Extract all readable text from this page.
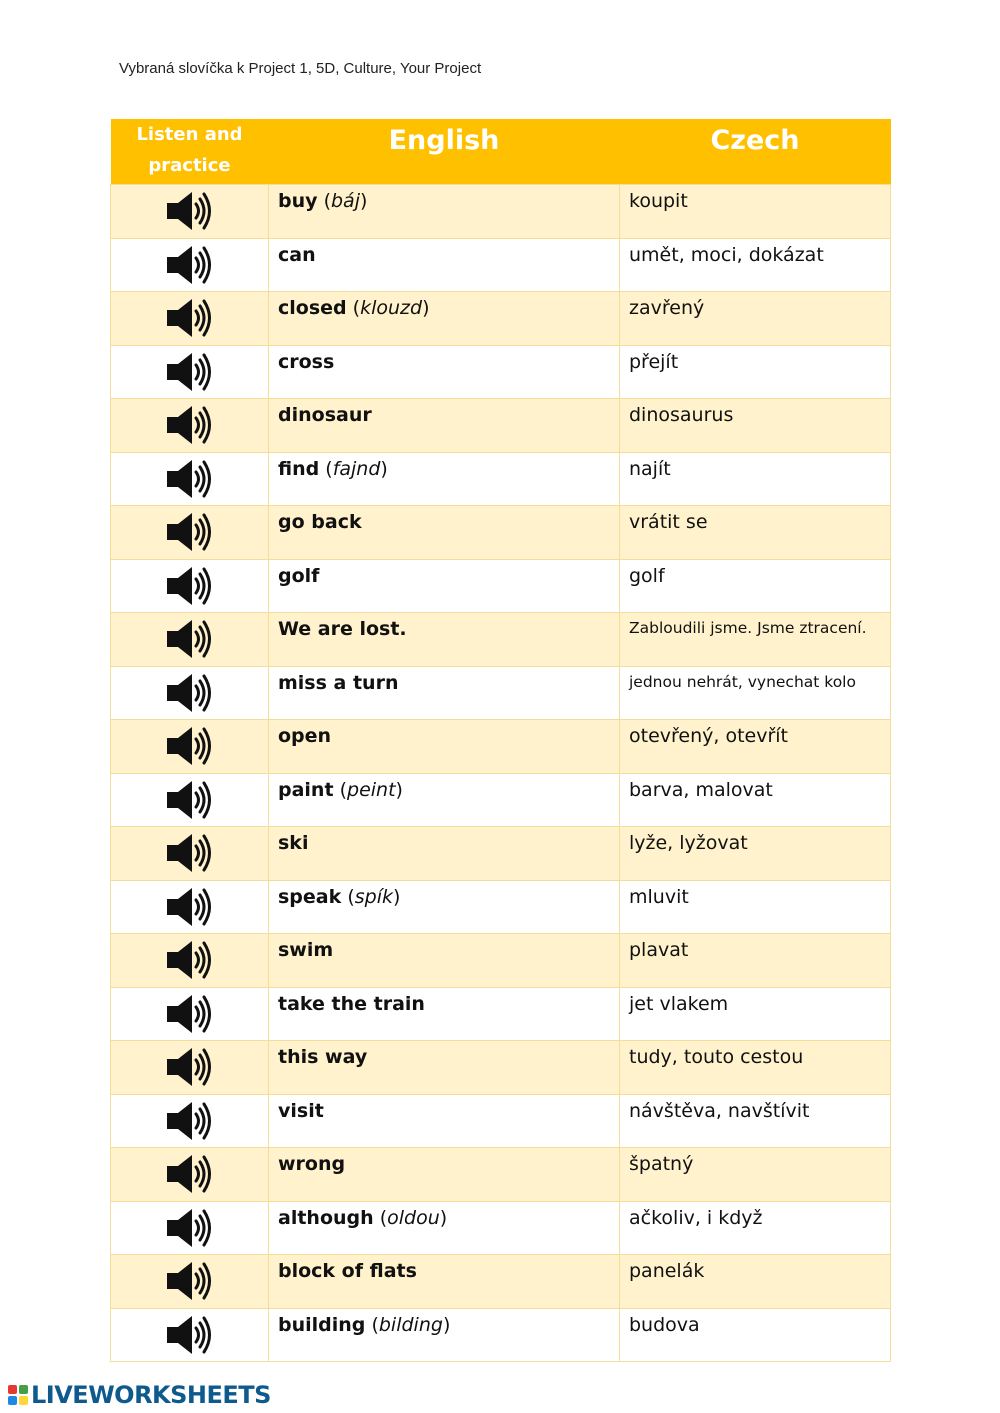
Vybraná slovíčka k Project 1, 5D, Culture, Your Project
Listen and
practice	English	Czech

	buy (báj)	koupit

	can	umět, moci, dokázat

	closed (klouzd)	zavřený

	cross	přejít

	dinosaur	dinosaurus

	find (fajnd)	najít

	go back	vrátit se

	golf	golf

	We are lost.	Zabloudili jsme. Jsme ztracení.

	miss a turn	jednou nehrát, vynechat kolo

	open	otevřený, otevřít

	paint (peint)	barva, malovat

	ski	lyže, lyžovat

	speak (spík)	mluvit

	swim	plavat

	take the train	jet vlakem

	this way	tudy, touto cestou

	visit	návštěva, navštívit

	wrong	špatný

	although (oldou)	ačkoliv, i když

	block of flats	panelák

	building (bilding)	budova
LIVEWORKSHEETS
